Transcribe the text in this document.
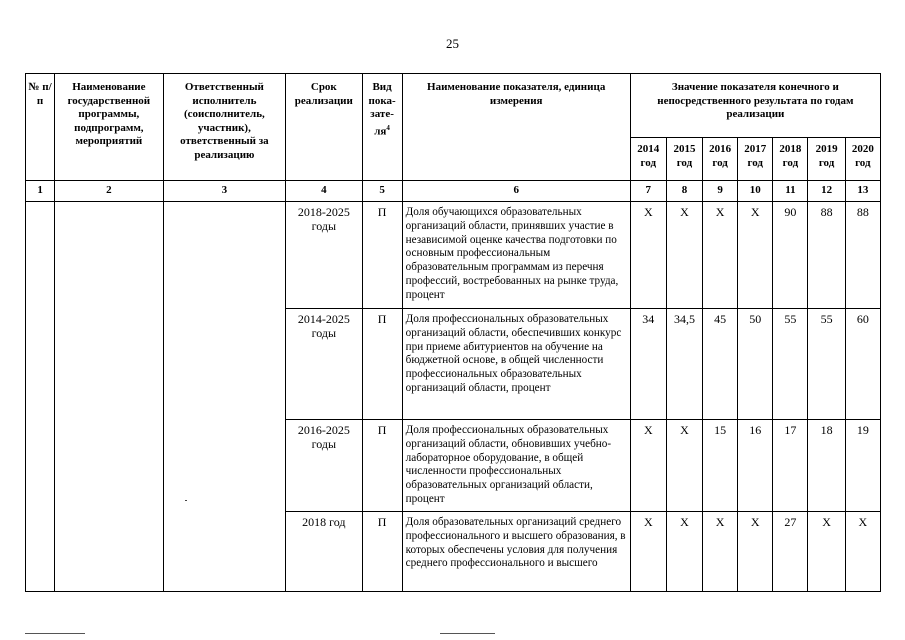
25
№ п/п	Наименование государственной программы, подпрограмм, мероприятий	Ответственный исполнитель (соисполнитель, участник), ответственный за реализацию	Срок реализации	Вид пока-$зате-ля^4$	Наименование показателя, единица измерения	Значение показателя конечного и непосредственного результата по годам реализации						
						2014 год	2015 год	2016 год	2017 год	2018 год	2019 год	2020 год
1	2	3	4	5	6	7	8	9	10	11	12	13
			2018-2025 годы	П	Доля обучающихся образовательных организаций области, принявших участие в независимой оценке качества подготовки по основным профессиональным образовательным программам из перечня профессий, востребованных на рынке труда, процент	Х	Х	Х	Х	90	88	88
			2014-2025 годы	П	Доля профессиональных образовательных организаций области, обеспечивших конкурс при приеме абитуриентов на обучение на бюджетной основе, в общей численности профессиональных образовательных организаций области, процент	34	34,5	45	50	55	55	60
			2016-2025 годы	П	Доля профессиональных образовательных организаций области, обновивших учебно-лабораторное оборудование, в общей численности профессиональных образовательных организаций области, процент	Х	Х	15	16	17	18	19
			2018 год	П	Доля образовательных организаций среднего профессионального и высшего образования, в которых обеспечены условия для получения среднего профессионального и высшего	Х	Х	Х	Х	27	Х	Х
